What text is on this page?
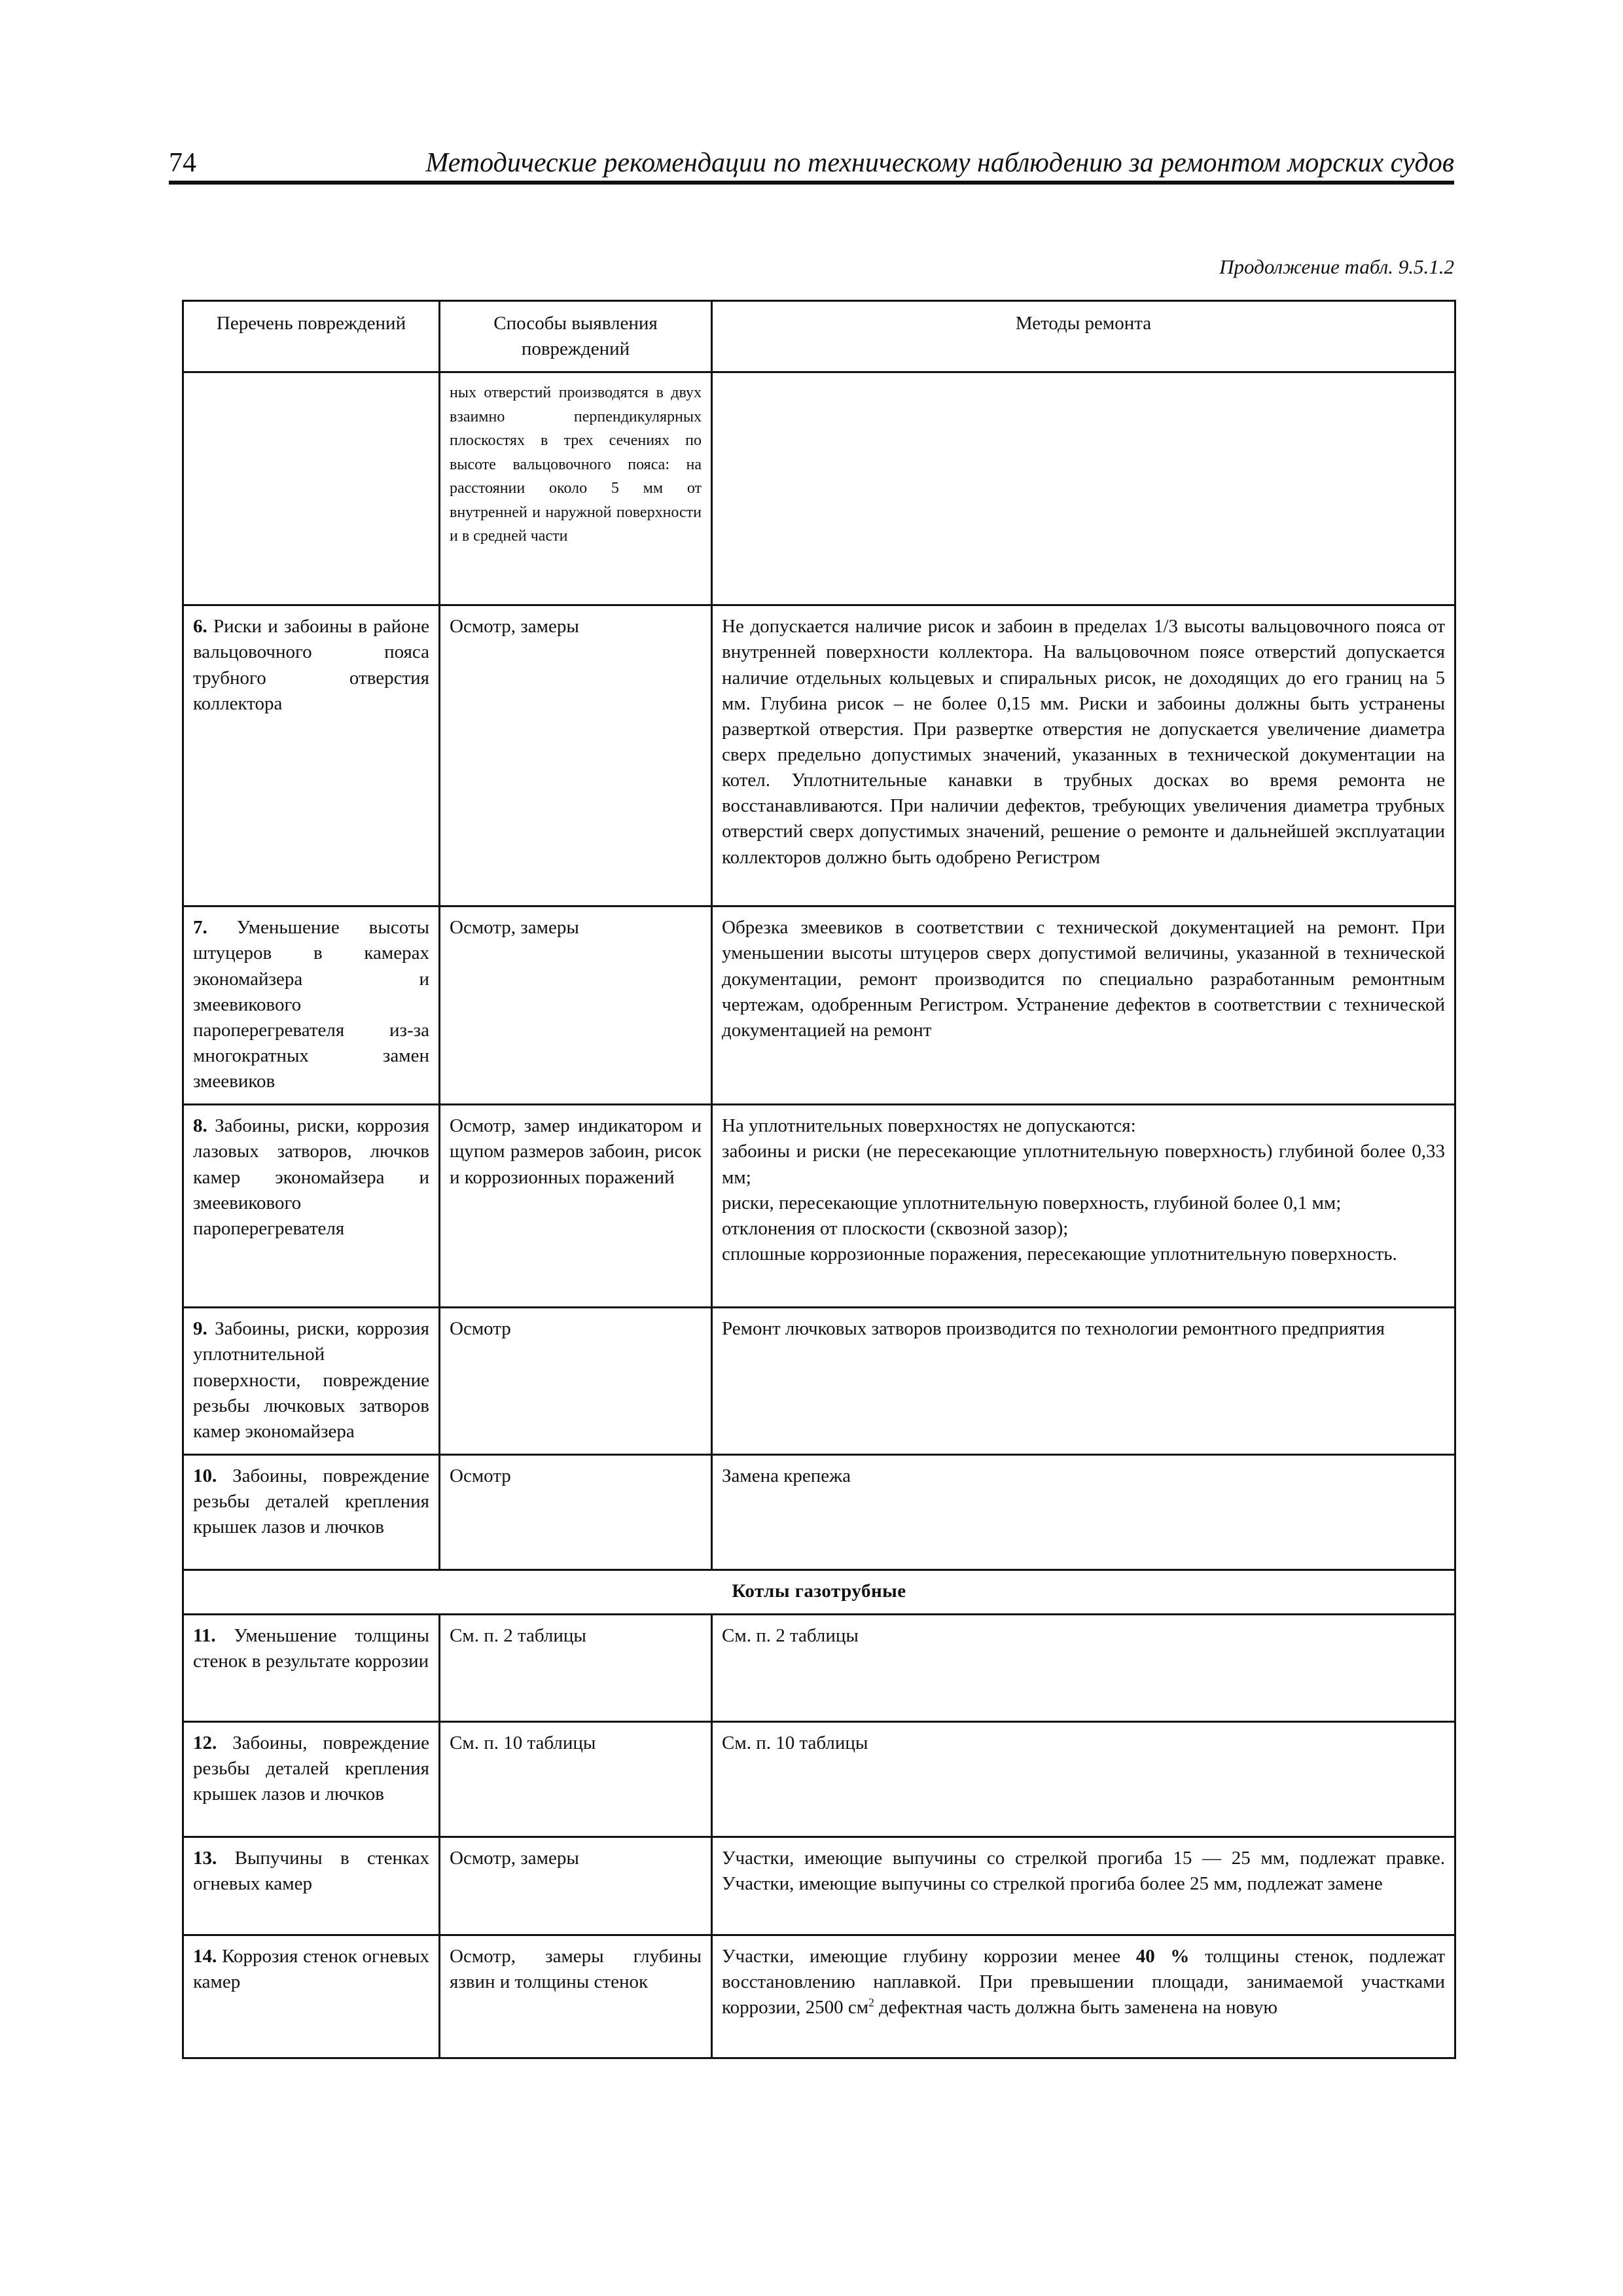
74	Методические рекомендации по техническому наблюдению за ремонтом морских судов
Продолжение табл. 9.5.1.2
Перечень повреждений	Способы выявления повреждений	Методы ремонта
	ных отверстий производятся в двух взаимно перпендикулярных плоскостях в трех сечениях по высоте вальцовочного пояса: на расстоянии около 5 мм от внутренней и наружной поверхности и в средней части	
6. Риски и забоины в районе вальцовочного пояса трубного отверстия коллектора	Осмотр, замеры	Не допускается наличие рисок и забоин в пределах 1/3 высоты вальцовочного пояса от внутренней поверхности коллектора. На вальцовочном поясе отверстий допускается наличие отдельных кольцевых и спиральных рисок, не доходящих до его границ на 5 мм. Глубина рисок – не более 0,15 мм. Риски и забоины должны быть устранены разверткой отверстия. При развертке отверстия не допускается увеличение диаметра сверх предельно допустимых значений, указанных в технической документации на котел. Уплотнительные канавки в трубных досках во время ремонта не восстанавливаются. При наличии дефектов, требующих увеличения диаметра трубных отверстий сверх допустимых значений, решение о ремонте и дальнейшей эксплуатации коллекторов должно быть одобрено Регистром
7. Уменьшение высоты штуцеров в камерах экономайзера и змеевикового пароперегревателя из-за многократных замен змеевиков	Осмотр, замеры	Обрезка змеевиков в соответствии с технической документацией на ремонт. При уменьшении высоты штуцеров сверх допустимой величины, указанной в технической документации, ремонт производится по специально разработанным ремонтным чертежам, одобренным Регистром. Устранение дефектов в соответствии с технической документацией на ремонт
8. Забоины, риски, коррозия лазовых затворов, лючков камер экономайзера и змеевикового пароперегревателя	Осмотр, замер индикатором и щупом размеров забоин, рисок и коррозионных поражений	На уплотнительных поверхностях не допускаются:
забоины и риски (не пересекающие уплотнительную поверхность) глубиной более 0,33 мм;
риски, пересекающие уплотнительную поверхность, глубиной более 0,1 мм;
отклонения от плоскости (сквозной зазор);
сплошные коррозионные поражения, пересекающие уплотнительную поверхность.

9. Забоины, риски, коррозия уплотнительной поверхности, повреждение резьбы лючковых затворов камер экономайзера	Осмотр	Ремонт лючковых затворов производится по технологии ремонтного предприятия
10. Забоины, повреждение резьбы деталей крепления крышек лазов и лючков	Осмотр	Замена крепежа
Котлы газотрубные		
11. Уменьшение толщины стенок в результате коррозии	См. п. 2 таблицы	См. п. 2 таблицы
12. Забоины, повреждение резьбы деталей крепления крышек лазов и лючков	См. п. 10 таблицы	См. п. 10 таблицы
13. Выпучины в стенках огневых камер	Осмотр, замеры	Участки, имеющие выпучины со стрелкой прогиба 15 — 25 мм, подлежат правке. Участки, имеющие выпучины со стрелкой прогиба более 25 мм, подлежат замене
14. Коррозия стенок огневых камер	Осмотр, замеры глубины язвин и толщины стенок	Участки, имеющие глубину коррозии менее 40 % толщины стенок, подлежат восстановлению наплавкой. При превышении площади, занимаемой участками коррозии, 2500 $см^2$ дефектная часть должна быть заменена на новую
